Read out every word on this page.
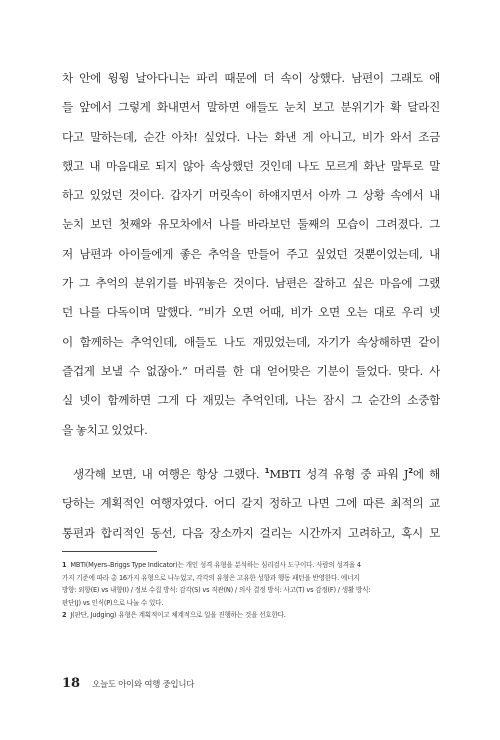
차 안에 윙윙 날아다니는 파리 때문에 더 속이 상했다. 남편이 그래도 애
들 앞에서 그렇게 화내면서 말하면 애들도 눈치 보고 분위기가 확 달라진
다고 말하는데, 순간 아차! 싶었다. 나는 화낸 게 아니고, 비가 와서 조금
했고 내 마음대로 되지 않아 속상했던 것인데 나도 모르게 화난 말투로 말
하고 있었던 것이다. 갑자기 머릿속이 하얘지면서 아까 그 상황 속에서 내
눈치 보던 첫째와 유모차에서 나를 바라보던 둘째의 모습이 그려졌다. 그
저 남편과 아이들에게 좋은 추억을 만들어 주고 싶었던 것뿐이었는데, 내
가 그 추억의 분위기를 바꿔놓은 것이다. 남편은 잘하고 싶은 마음에 그랬
던 나를 다독이며 말했다. “비가 오면 어때, 비가 오면 오는 대로 우리 넷
이 함께하는 추억인데, 애들도 나도 재밌었는데, 자기가 속상해하면 같이
즐겁게 보낼 수 없잖아.” 머리를 한 대 얻어맞은 기분이 들었다. 맞다. 사
실 넷이 함께하면 그게 다 재밌는 추억인데, 나는 잠시 그 순간의 소중함
을 놓치고 있었다.
생각해 보면, 내 여행은 항상 그랬다. $^1$MBTI 성격 유형 중 파워 $J^2$에 해
당하는 계획적인 여행자였다. 어디 갈지 정하고 나면 그에 따른 최적의 교
통편과 합리적인 동선, 다음 장소까지 걸리는 시간까지 고려하고, 혹시 모
1 MBTI(Myers–Briggs Type Indicator)는 개인 성격 유형을 분석하는 심리검사 도구이다. 사람의 성격을 4
가지 기준에 따라 총 16가지 유형으로 나누었고, 각각의 유형은 고유한 성향과 행동 패턴을 반영한다. 에너지
방향: 외향(E) vs 내향(I) / 정보 수집 방식: 감각(S) vs 직관(N) / 의사 결정 방식: 사고(T) vs 감정(F) / 생활 방식:
판단(J) vs 인식(P)으로 나눌 수 있다.
2 J(판단, Judging) 유형은 계획적이고 체계적으로 일을 진행하는 것을 선호한다.
18 오늘도 아이와 여행 중입니다
